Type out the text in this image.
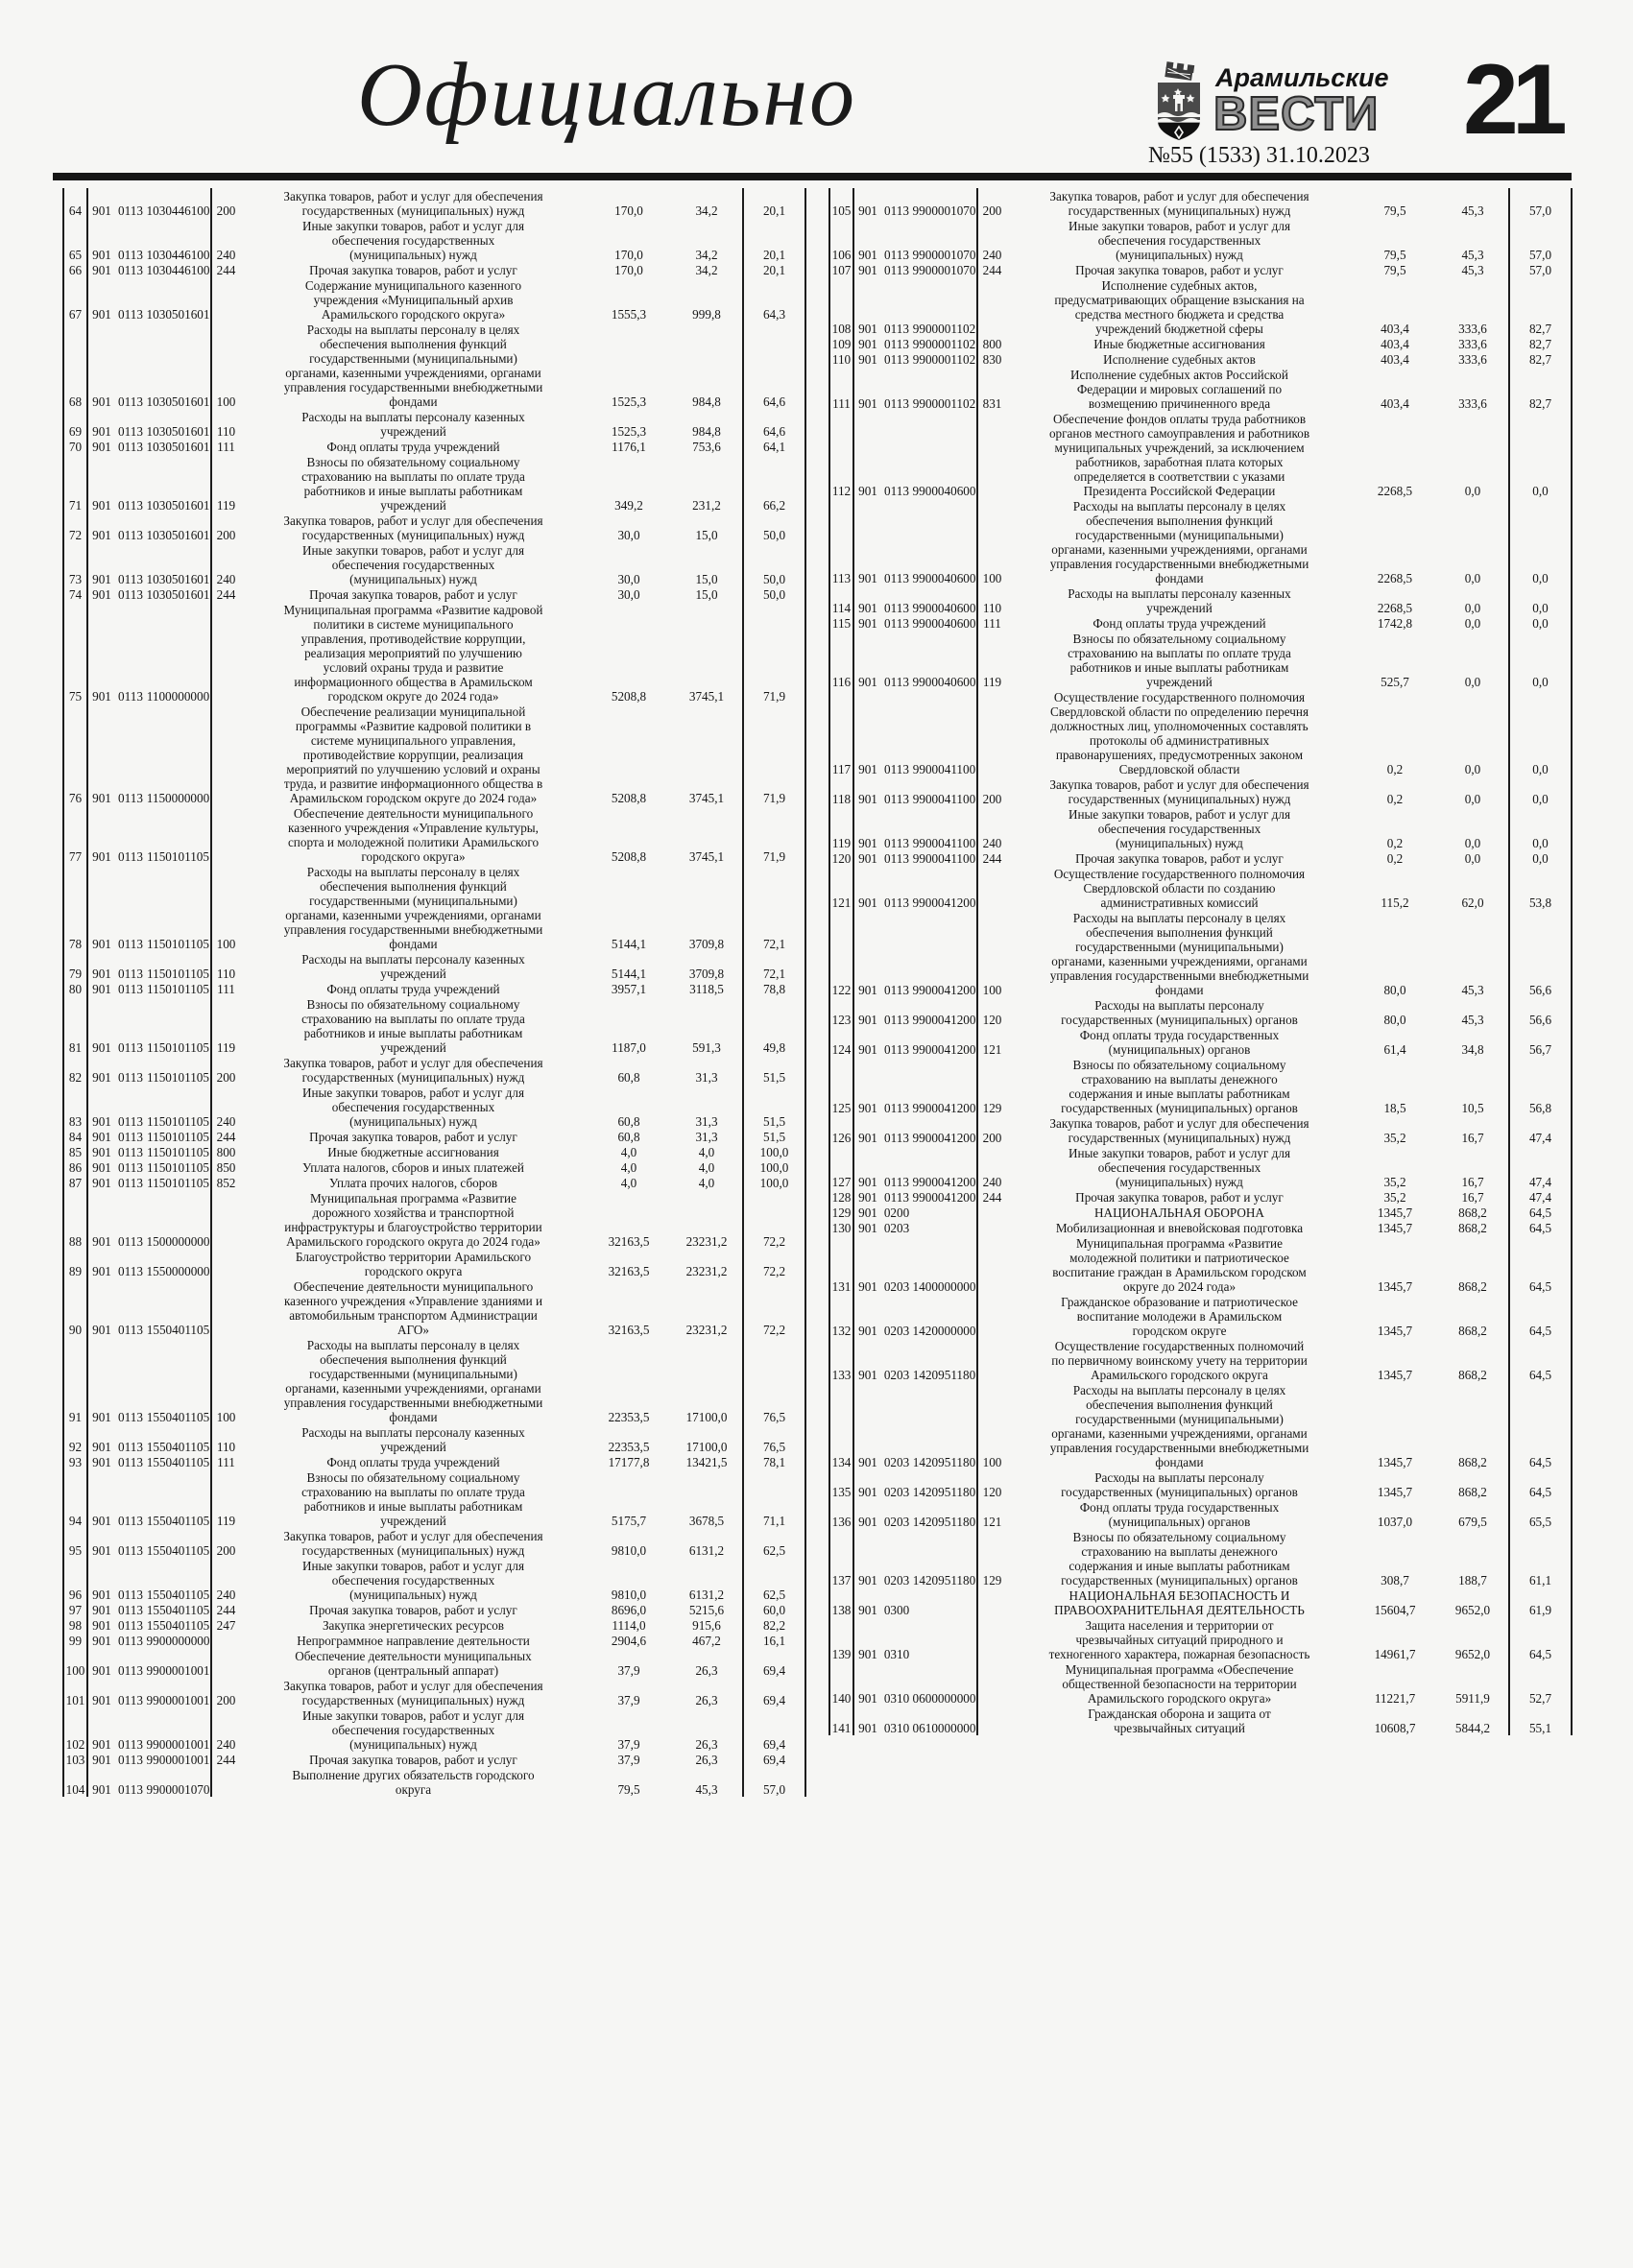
Официально	Арамильские
ВЕСТИ
№55 (1533) 31.10.2023 21
64	901	0113	1030446100	200	Закупка товаров, работ и услуг для обеспечения государственных (муниципальных) нужд	170,0	34,2	20,1
65	901	0113	1030446100	240	Иные закупки товаров, работ и услуг для обеспечения государственных (муниципальных) нужд	170,0	34,2	20,1
66	901	0113	1030446100	244	Прочая закупка товаров, работ и услуг	170,0	34,2	20,1
67	901	0113	1030501601		Содержание муниципального казенного учреждения «Муниципальный архив Арамильского городского округа»	1555,3	999,8	64,3
68	901	0113	1030501601	100	Расходы на выплаты персоналу в целях обеспечения выполнения функций государственными (муниципальными) органами, казенными учреждениями, органами управления государственными внебюджетными фондами	1525,3	984,8	64,6
69	901	0113	1030501601	110	Расходы на выплаты персоналу казенных учреждений	1525,3	984,8	64,6
70	901	0113	1030501601	111	Фонд оплаты труда учреждений	1176,1	753,6	64,1
71	901	0113	1030501601	119	Взносы по обязательному социальному страхованию на выплаты по оплате труда работников и иные выплаты работникам учреждений	349,2	231,2	66,2
72	901	0113	1030501601	200	Закупка товаров, работ и услуг для обеспечения государственных (муниципальных) нужд	30,0	15,0	50,0
73	901	0113	1030501601	240	Иные закупки товаров, работ и услуг для обеспечения государственных (муниципальных) нужд	30,0	15,0	50,0
74	901	0113	1030501601	244	Прочая закупка товаров, работ и услуг	30,0	15,0	50,0
75	901	0113	1100000000		Муниципальная программа «Развитие кадровой политики в системе муниципального управления, противодействие коррупции, реализация мероприятий по улучшению условий охраны труда и развитие информационного общества в Арамильском городском округе до 2024 года»	5208,8	3745,1	71,9
76	901	0113	1150000000		Обеспечение реализации муниципальной программы «Развитие кадровой политики в системе муниципального управления, противодействие коррупции, реализация мероприятий по улучшению условий и охраны труда, и развитие информационного общества в Арамильском городском округе до 2024 года»	5208,8	3745,1	71,9
77	901	0113	1150101105		Обеспечение деятельности муниципального казенного учреждения «Управление культуры, спорта и молодежной политики Арамильского городского округа»	5208,8	3745,1	71,9
78	901	0113	1150101105	100	Расходы на выплаты персоналу в целях обеспечения выполнения функций государственными (муниципальными) органами, казенными учреждениями, органами управления государственными внебюджетными фондами	5144,1	3709,8	72,1
79	901	0113	1150101105	110	Расходы на выплаты персоналу казенных учреждений	5144,1	3709,8	72,1
80	901	0113	1150101105	111	Фонд оплаты труда учреждений	3957,1	3118,5	78,8
81	901	0113	1150101105	119	Взносы по обязательному социальному страхованию на выплаты по оплате труда работников и иные выплаты работникам учреждений	1187,0	591,3	49,8
82	901	0113	1150101105	200	Закупка товаров, работ и услуг для обеспечения государственных (муниципальных) нужд	60,8	31,3	51,5
83	901	0113	1150101105	240	Иные закупки товаров, работ и услуг для обеспечения государственных (муниципальных) нужд	60,8	31,3	51,5
84	901	0113	1150101105	244	Прочая закупка товаров, работ и услуг	60,8	31,3	51,5
85	901	0113	1150101105	800	Иные бюджетные ассигнования	4,0	4,0	100,0
86	901	0113	1150101105	850	Уплата налогов, сборов и иных платежей	4,0	4,0	100,0
87	901	0113	1150101105	852	Уплата прочих налогов, сборов	4,0	4,0	100,0
88	901	0113	1500000000		Муниципальная программа «Развитие дорожного хозяйства и транспортной инфраструктуры и благоустройство территории Арамильского городского округа до 2024 года»	32163,5	23231,2	72,2
89	901	0113	1550000000		Благоустройство территории Арамильского городского округа	32163,5	23231,2	72,2
90	901	0113	1550401105		Обеспечение деятельности муниципального казенного учреждения «Управление зданиями и автомобильным транспортом Администрации АГО»	32163,5	23231,2	72,2
91	901	0113	1550401105	100	Расходы на выплаты персоналу в целях обеспечения выполнения функций государственными (муниципальными) органами, казенными учреждениями, органами управления государственными внебюджетными фондами	22353,5	17100,0	76,5
92	901	0113	1550401105	110	Расходы на выплаты персоналу казенных учреждений	22353,5	17100,0	76,5
93	901	0113	1550401105	111	Фонд оплаты труда учреждений	17177,8	13421,5	78,1
94	901	0113	1550401105	119	Взносы по обязательному социальному страхованию на выплаты по оплате труда работников и иные выплаты работникам учреждений	5175,7	3678,5	71,1
95	901	0113	1550401105	200	Закупка товаров, работ и услуг для обеспечения государственных (муниципальных) нужд	9810,0	6131,2	62,5
96	901	0113	1550401105	240	Иные закупки товаров, работ и услуг для обеспечения государственных (муниципальных) нужд	9810,0	6131,2	62,5
97	901	0113	1550401105	244	Прочая закупка товаров, работ и услуг	8696,0	5215,6	60,0
98	901	0113	1550401105	247	Закупка энергетических ресурсов	1114,0	915,6	82,2
99	901	0113	9900000000		Непрограммное направление деятельности	2904,6	467,2	16,1
100	901	0113	9900001001		Обеспечение деятельности муниципальных органов (центральный аппарат)	37,9	26,3	69,4
101	901	0113	9900001001	200	Закупка товаров, работ и услуг для обеспечения государственных (муниципальных) нужд	37,9	26,3	69,4
102	901	0113	9900001001	240	Иные закупки товаров, работ и услуг для обеспечения государственных (муниципальных) нужд	37,9	26,3	69,4
103	901	0113	9900001001	244	Прочая закупка товаров, работ и услуг	37,9	26,3	69,4
104	901	0113	9900001070		Выполнение других обязательств городского округа	79,5	45,3	57,0
105	901	0113	9900001070	200	Закупка товаров, работ и услуг для обеспечения государственных (муниципальных) нужд	79,5	45,3	57,0
106	901	0113	9900001070	240	Иные закупки товаров, работ и услуг для обеспечения государственных (муниципальных) нужд	79,5	45,3	57,0
107	901	0113	9900001070	244	Прочая закупка товаров, работ и услуг	79,5	45,3	57,0
108	901	0113	9900001102		Исполнение судебных актов, предусматривающих обращение взыскания на средства местного бюджета и средства учреждений бюджетной сферы	403,4	333,6	82,7
109	901	0113	9900001102	800	Иные бюджетные ассигнования	403,4	333,6	82,7
110	901	0113	9900001102	830	Исполнение судебных актов	403,4	333,6	82,7
111	901	0113	9900001102	831	Исполнение судебных актов Российской Федерации и мировых соглашений по возмещению причиненного вреда	403,4	333,6	82,7
112	901	0113	9900040600		Обеспечение фондов оплаты труда работников органов местного самоуправления и работников муниципальных учреждений, за исключением работников, заработная плата которых определяется в соответствии с указами Президента Российской Федерации	2268,5	0,0	0,0
113	901	0113	9900040600	100	Расходы на выплаты персоналу в целях обеспечения выполнения функций государственными (муниципальными) органами, казенными учреждениями, органами управления государственными внебюджетными фондами	2268,5	0,0	0,0
114	901	0113	9900040600	110	Расходы на выплаты персоналу казенных учреждений	2268,5	0,0	0,0
115	901	0113	9900040600	111	Фонд оплаты труда учреждений	1742,8	0,0	0,0
116	901	0113	9900040600	119	Взносы по обязательному социальному страхованию на выплаты по оплате труда работников и иные выплаты работникам учреждений	525,7	0,0	0,0
117	901	0113	9900041100		Осуществление государственного полномочия Свердловской области по определению перечня должностных лиц, уполномоченных составлять протоколы об административных правонарушениях, предусмотренных законом Свердловской области	0,2	0,0	0,0
118	901	0113	9900041100	200	Закупка товаров, работ и услуг для обеспечения государственных (муниципальных) нужд	0,2	0,0	0,0
119	901	0113	9900041100	240	Иные закупки товаров, работ и услуг для обеспечения государственных (муниципальных) нужд	0,2	0,0	0,0
120	901	0113	9900041100	244	Прочая закупка товаров, работ и услуг	0,2	0,0	0,0
121	901	0113	9900041200		Осуществление государственного полномочия Свердловской области по созданию административных комиссий	115,2	62,0	53,8
122	901	0113	9900041200	100	Расходы на выплаты персоналу в целях обеспечения выполнения функций государственными (муниципальными) органами, казенными учреждениями, органами управления государственными внебюджетными фондами	80,0	45,3	56,6
123	901	0113	9900041200	120	Расходы на выплаты персоналу государственных (муниципальных) органов	80,0	45,3	56,6
124	901	0113	9900041200	121	Фонд оплаты труда государственных (муниципальных) органов	61,4	34,8	56,7
125	901	0113	9900041200	129	Взносы по обязательному социальному страхованию на выплаты денежного содержания и иные выплаты работникам государственных (муниципальных) органов	18,5	10,5	56,8
126	901	0113	9900041200	200	Закупка товаров, работ и услуг для обеспечения государственных (муниципальных) нужд	35,2	16,7	47,4
127	901	0113	9900041200	240	Иные закупки товаров, работ и услуг для обеспечения государственных (муниципальных) нужд	35,2	16,7	47,4
128	901	0113	9900041200	244	Прочая закупка товаров, работ и услуг	35,2	16,7	47,4
129	901	0200			НАЦИОНАЛЬНАЯ ОБОРОНА	1345,7	868,2	64,5
130	901	0203			Мобилизационная и вневойсковая подготовка	1345,7	868,2	64,5
131	901	0203	1400000000		Муниципальная программа «Развитие молодежной политики и патриотическое воспитание граждан в Арамильском городском округе до 2024 года»	1345,7	868,2	64,5
132	901	0203	1420000000		Гражданское образование и патриотическое воспитание молодежи в Арамильском городском округе	1345,7	868,2	64,5
133	901	0203	1420951180		Осуществление государственных полномочий по первичному воинскому учету на территории Арамильского городского округа	1345,7	868,2	64,5
134	901	0203	1420951180	100	Расходы на выплаты персоналу в целях обеспечения выполнения функций государственными (муниципальными) органами, казенными учреждениями, органами управления государственными внебюджетными фондами	1345,7	868,2	64,5
135	901	0203	1420951180	120	Расходы на выплаты персоналу государственных (муниципальных) органов	1345,7	868,2	64,5
136	901	0203	1420951180	121	Фонд оплаты труда государственных (муниципальных) органов	1037,0	679,5	65,5
137	901	0203	1420951180	129	Взносы по обязательному социальному страхованию на выплаты денежного содержания и иные выплаты работникам государственных (муниципальных) органов	308,7	188,7	61,1
138	901	0300			НАЦИОНАЛЬНАЯ БЕЗОПАСНОСТЬ И ПРАВООХРАНИТЕЛЬНАЯ ДЕЯТЕЛЬНОСТЬ	15604,7	9652,0	61,9
139	901	0310			Защита населения и территории от чрезвычайных ситуаций природного и техногенного характера, пожарная безопасность	14961,7	9652,0	64,5
140	901	0310	0600000000		Муниципальная программа «Обеспечение общественной безопасности на территории Арамильского городского округа»	11221,7	5911,9	52,7
141	901	0310	0610000000		Гражданская оборона и защита от чрезвычайных ситуаций	10608,7	5844,2	55,1
